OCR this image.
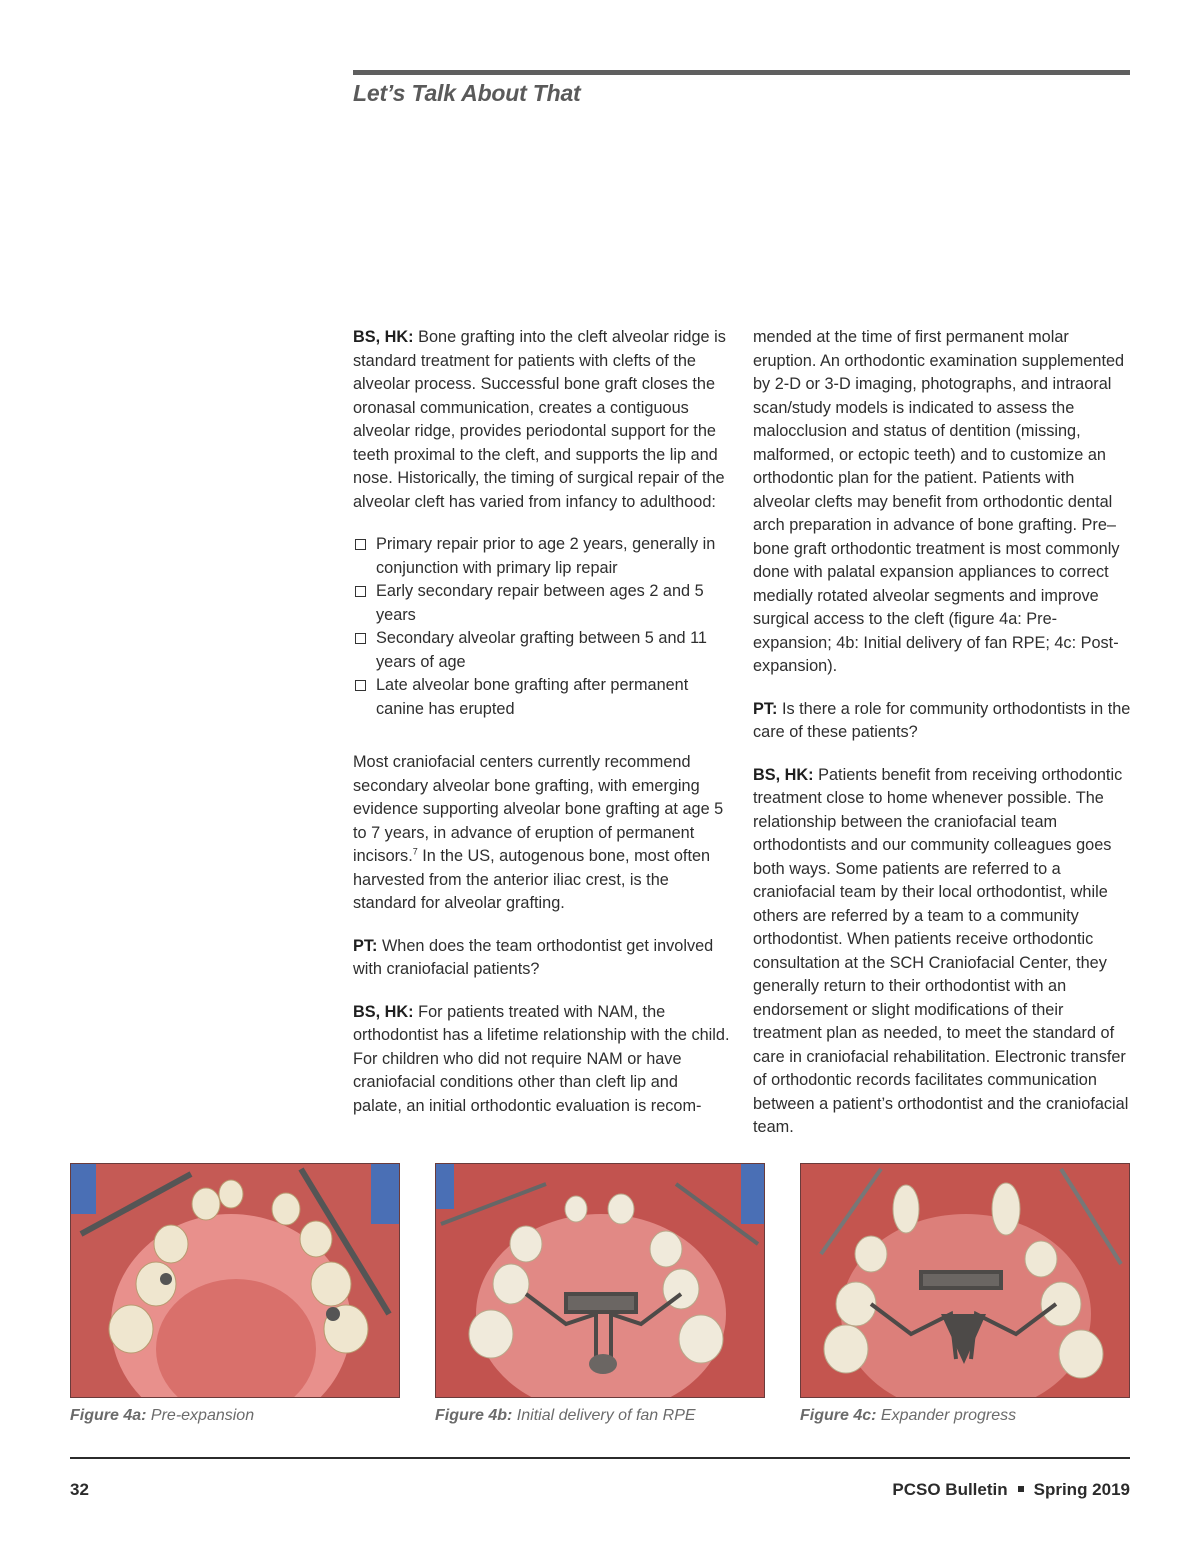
Let’s Talk About That

BS, HK: Bone grafting into the cleft alveolar ridge is standard treatment for patients with clefts of the alveolar process. Successful bone graft closes the oronasal communication, creates a contiguous alveolar ridge, provides periodontal support for the teeth proximal to the cleft, and supports the lip and nose. Historically, the timing of surgical repair of the alveolar cleft has varied from infancy to adulthood:

Primary repair prior to age 2 years, generally in conjunction with primary lip repair
Early secondary repair between ages 2 and 5 years
Secondary alveolar grafting between 5 and 11 years of age
Late alveolar bone grafting after permanent canine has erupted

Most craniofacial centers currently recommend secondary alveolar bone grafting, with emerging evidence supporting alveolar bone grafting at age 5 to 7 years, in advance of eruption of permanent incisors.$^7$ In the US, autogenous bone, most often harvested from the anterior iliac crest, is the standard for alveolar grafting.

PT: When does the team orthodontist get involved with craniofacial patients?

BS, HK: For patients treated with NAM, the orthodontist has a lifetime relationship with the child. For children who did not require NAM or have craniofacial conditions other than cleft lip and palate, an initial orthodontic evaluation is recom-

mended at the time of first permanent molar eruption. An orthodontic examination supplemented by 2-D or 3-D imaging, photographs, and intraoral scan/study models is indicated to assess the malocclusion and status of dentition (missing, malformed, or ectopic teeth) and to customize an orthodontic plan for the patient. Patients with alveolar clefts may benefit from orthodontic dental arch preparation in advance of bone grafting. Pre–bone graft orthodontic treatment is most commonly done with palatal expansion appliances to correct medially rotated alveolar segments and improve surgical access to the cleft (figure 4a: Pre-expansion; 4b: Initial delivery of fan RPE; 4c: Post-expansion).

PT: Is there a role for community orthodontists in the care of these patients?

BS, HK: Patients benefit from receiving orthodontic treatment close to home whenever possible. The relationship between the craniofacial team orthodontists and our community colleagues goes both ways. Some patients are referred to a craniofacial team by their local orthodontist, while others are referred by a team to a community orthodontist. When patients receive orthodontic consultation at the SCH Craniofacial Center, they generally return to their orthodontist with an endorsement or slight modifications of their treatment plan as needed, to meet the standard of care in craniofacial rehabilitation. Electronic transfer of orthodontic records facilitates communication between a patient’s orthodontist and the craniofacial team.

Figure 4a: Pre-expansion	Figure 4b: Initial delivery of fan RPE	Figure 4c: Expander progress
32	PCSO Bulletin Spring 2019
